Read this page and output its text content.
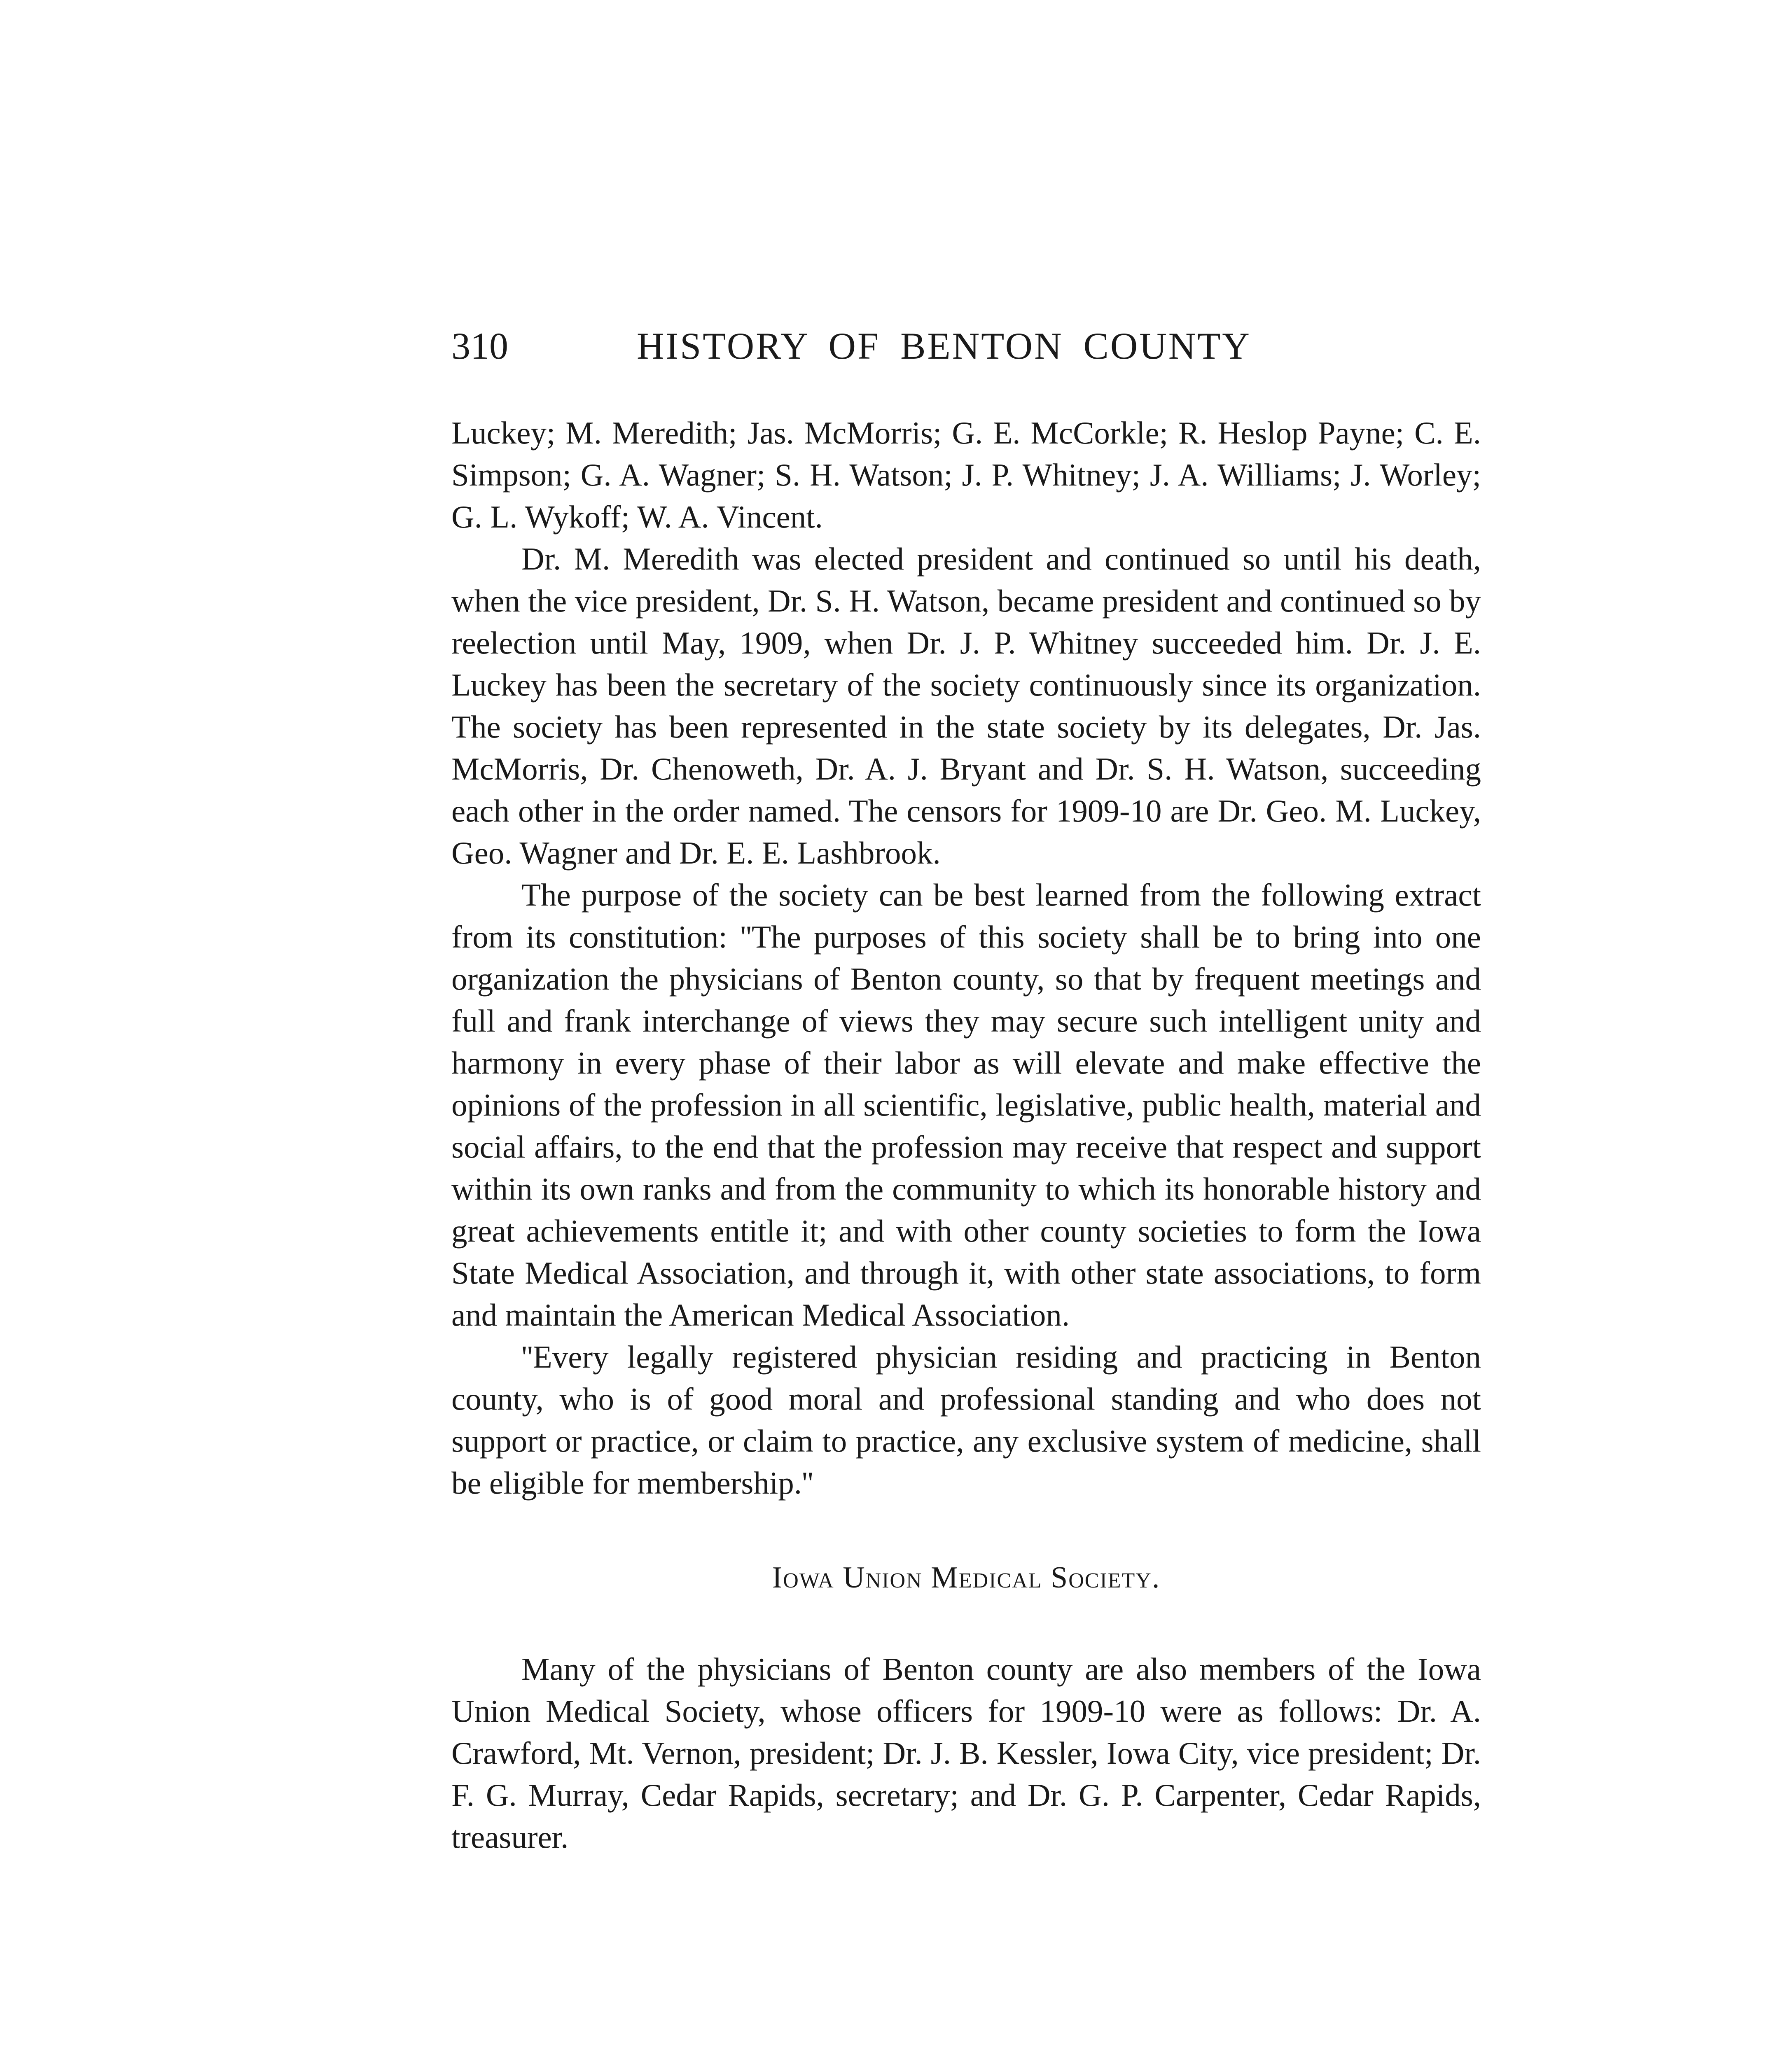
310	HISTORY OF BENTON COUNTY

Luckey; M. Meredith; Jas. McMorris; G. E. McCorkle; R. Heslop Payne; C. E. Simpson; G. A. Wagner; S. H. Watson; J. P. Whitney; J. A. Williams; J. Worley; G. L. Wykoff; W. A. Vincent.

Dr. M. Meredith was elected president and continued so until his death, when the vice president, Dr. S. H. Watson, became president and continued so by reelection until May, 1909, when Dr. J. P. Whitney succeeded him. Dr. J. E. Luckey has been the secretary of the society continuously since its organization. The society has been represented in the state society by its delegates, Dr. Jas. McMorris, Dr. Chenoweth, Dr. A. J. Bryant and Dr. S. H. Watson, succeeding each other in the order named. The censors for 1909-10 are Dr. Geo. M. Luckey, Geo. Wagner and Dr. E. E. Lashbrook.

The purpose of the society can be best learned from the following extract from its constitution: ''The purposes of this society shall be to bring into one organization the physicians of Benton county, so that by frequent meetings and full and frank interchange of views they may secure such intelligent unity and harmony in every phase of their labor as will elevate and make effective the opinions of the profession in all scientific, legislative, public health, material and social affairs, to the end that the profession may receive that respect and support within its own ranks and from the community to which its honorable history and great achievements entitle it; and with other county societies to form the Iowa State Medical Association, and through it, with other state associations, to form and maintain the American Medical Association.

''Every legally registered physician residing and practicing in Benton county, who is of good moral and professional standing and who does not support or practice, or claim to practice, any exclusive system of medicine, shall be eligible for membership.''

Iowa Union Medical Society.

Many of the physicians of Benton county are also members of the Iowa Union Medical Society, whose officers for 1909-10 were as follows: Dr. A. Crawford, Mt. Vernon, president; Dr. J. B. Kessler, Iowa City, vice president; Dr. F. G. Murray, Cedar Rapids, secretary; and Dr. G. P. Carpenter, Cedar Rapids, treasurer.
